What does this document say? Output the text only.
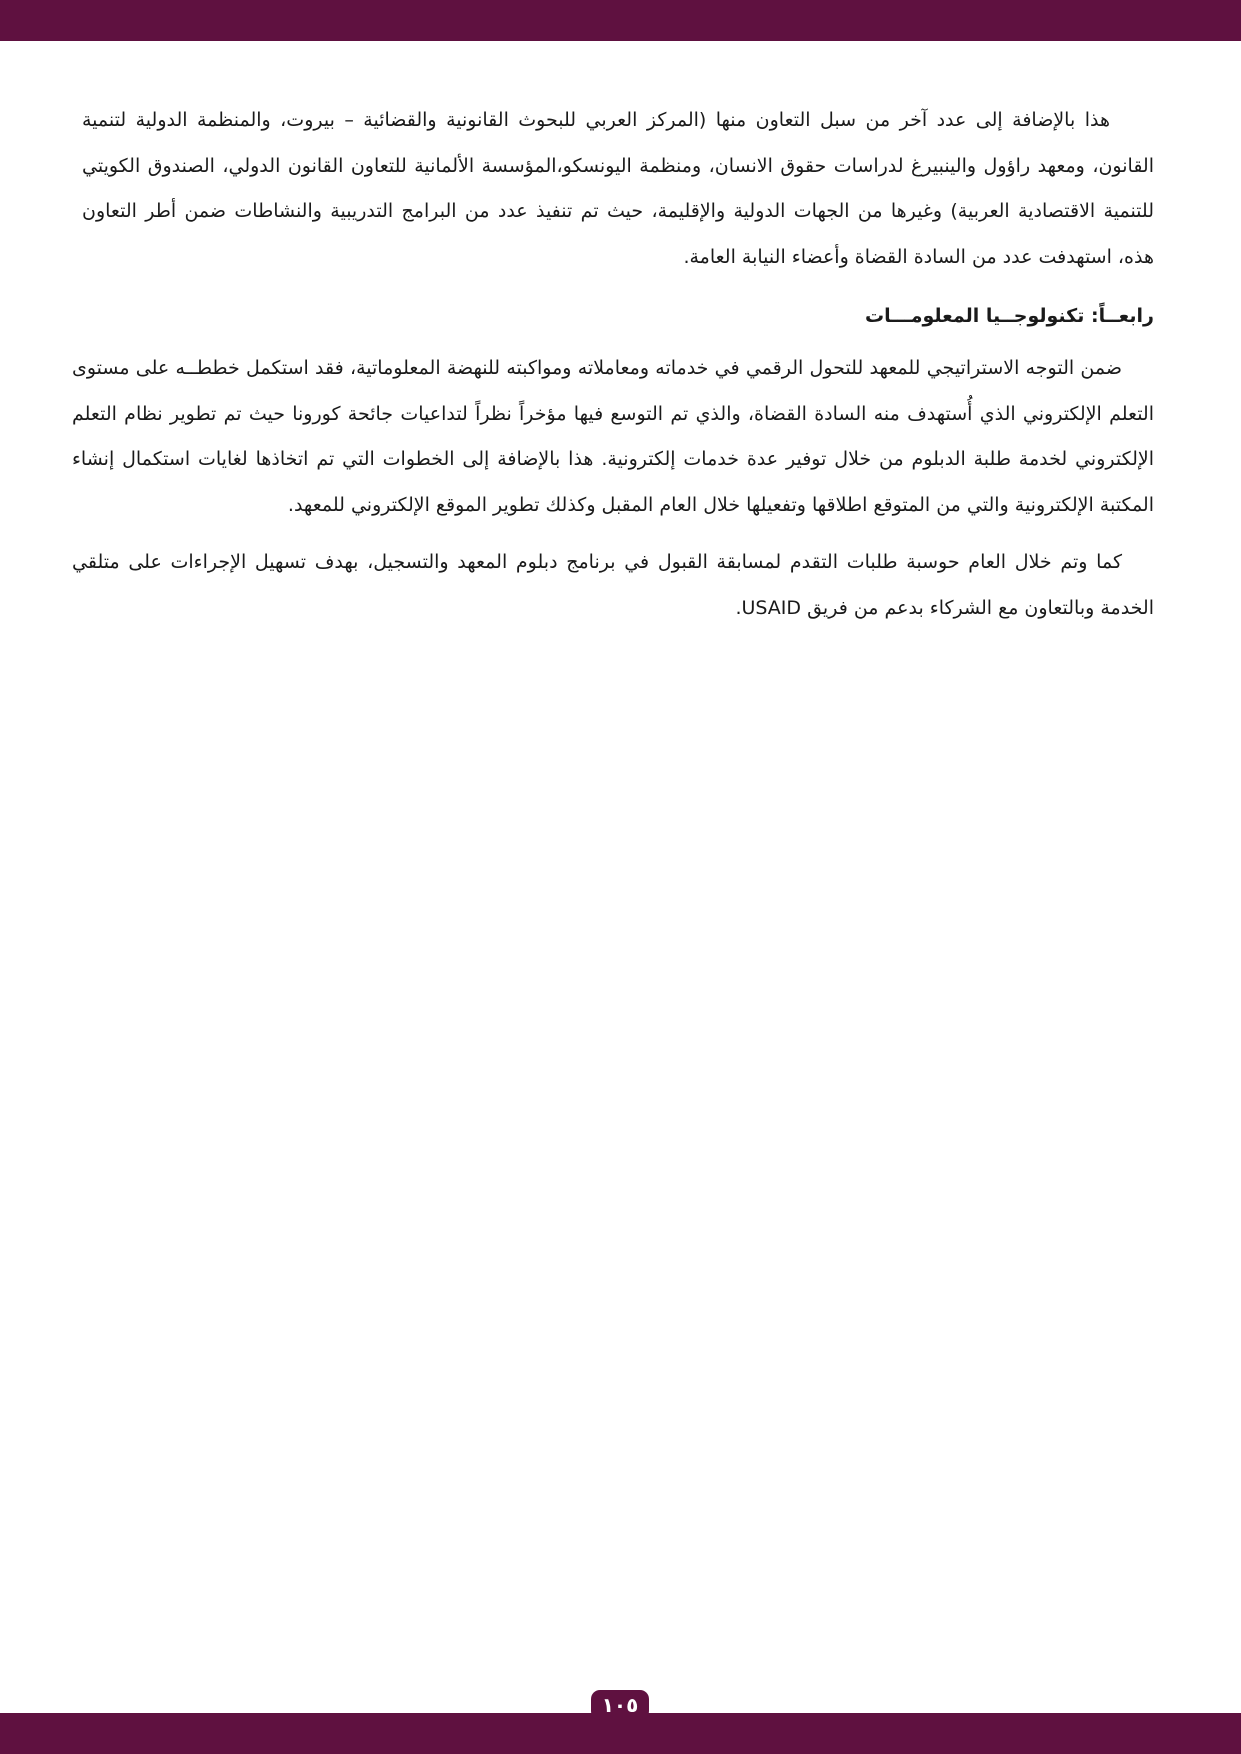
هذا بالإضافة إلى عدد آخر من سبل التعاون منها (المركز العربي للبحوث القانونية والقضائية – بيروت، والمنظمة الدولية لتنمية القانون، ومعهد راؤول والينبيرغ لدراسات حقوق الانسان، ومنظمة اليونسكو،المؤسسة الألمانية للتعاون القانون الدولي، الصندوق الكويتي للتنمية الاقتصادية العربية) وغيرها من الجهات الدولية والإقليمة، حيث تم تنفيذ عدد من البرامج التدريبية والنشاطات ضمن أطر التعاون هذه، استهدفت عدد من السادة القضاة وأعضاء النيابة العامة.

رابعــاً: تكنولوجــيا المعلومـــات

ضمن التوجه الاستراتيجي للمعهد للتحول الرقمي في خدماته ومعاملاته ومواكبته للنهضة المعلوماتية، فقد استكمل خططــه على مستوى التعلم الإلكتروني الذي أُستهدف منه السادة القضاة، والذي تم التوسع فيها مؤخراً نظراً لتداعيات جائحة كورونا حيث تم تطوير نظام التعلم الإلكتروني لخدمة طلبة الدبلوم من خلال توفير عدة خدمات إلكترونية. هذا بالإضافة إلى الخطوات التي تم اتخاذها لغايات استكمال إنشاء المكتبة الإلكترونية والتي من المتوقع اطلاقها وتفعيلها خلال العام المقبل وكذلك تطوير الموقع الإلكتروني للمعهد.

كما وتم خلال العام حوسبة طلبات التقدم لمسابقة القبول في برنامج دبلوم المعهد والتسجيل، بهدف تسهيل الإجراءات على متلقي الخدمة وبالتعاون مع الشركاء بدعم من فريق USAID.

١٠٥
